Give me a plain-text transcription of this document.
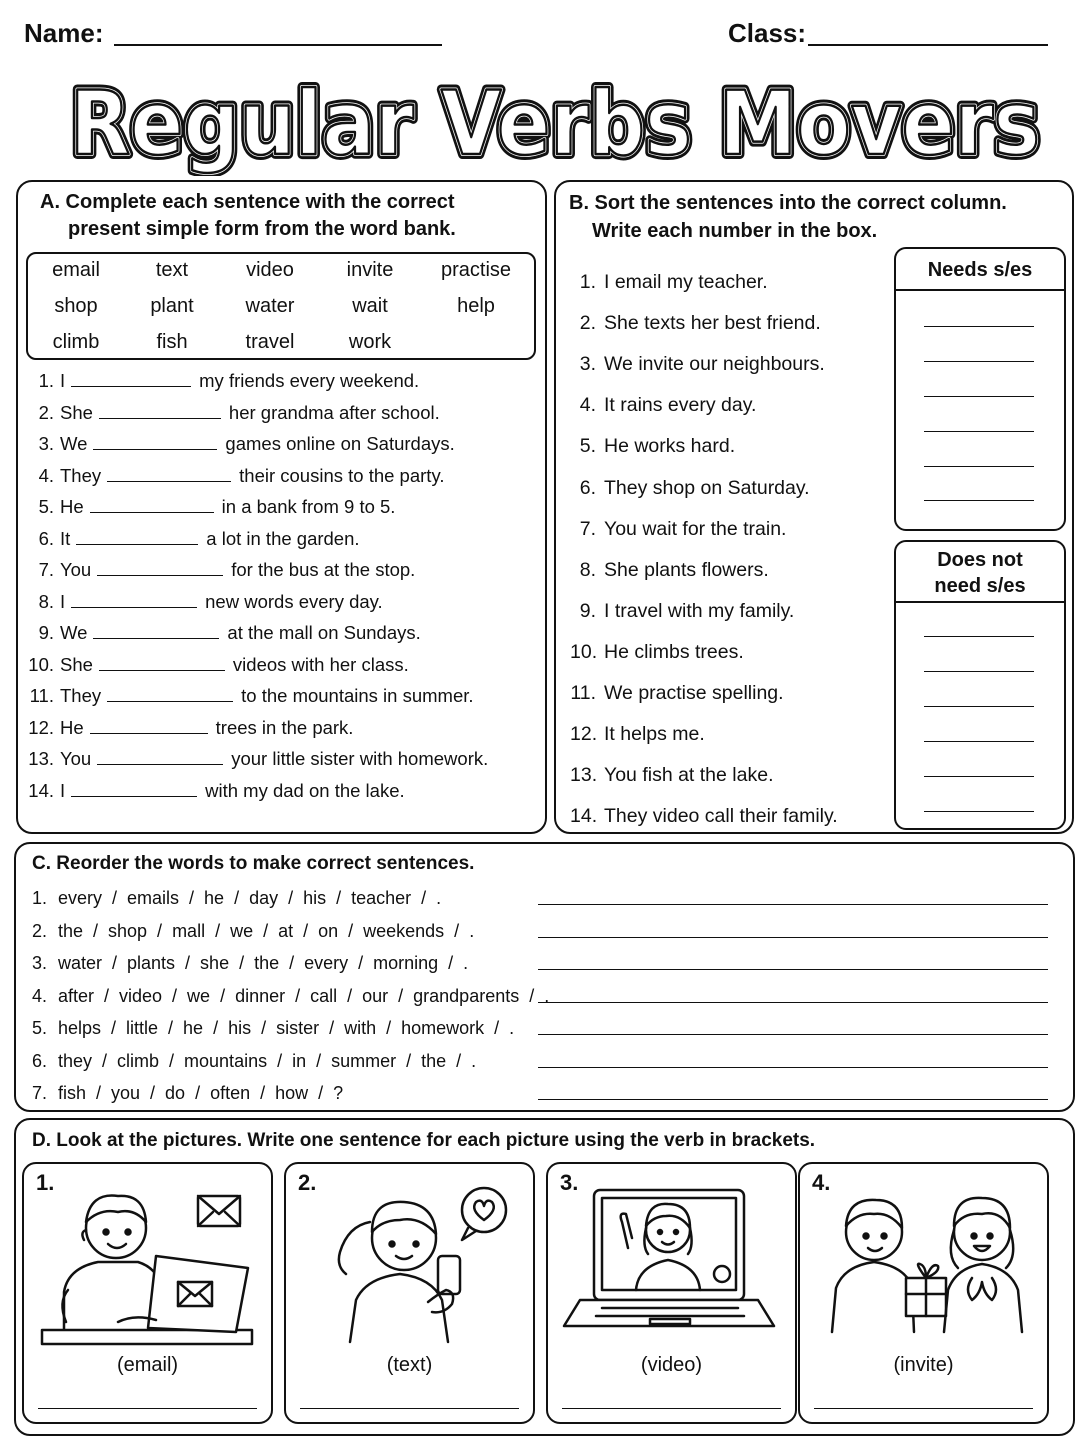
Name:	Class:
Regular Verbs Movers
Regular Verbs Movers
Regular Verbs Movers
A. Complete each sentence with the correct
present simple form from the word bank.
email	text	video	invite	practise
shop	plant	water	wait	help
climb	fish	travel	work
1. I	my friends every weekend.
2. She	her grandma after school.
3. We	games online on Saturdays.
4. They	their cousins to the party.
5. He	in a bank from 9 to 5.
6. It	a lot in the garden.
7. You	for the bus at the stop.
8. I	new words every day.
9. We	at the mall on Sundays.
10. She	videos with her class.
11. They	to the mountains in summer.
12. He	trees in the park.
13. You	your little sister with homework.
14. I	with my dad on the lake.
B. Sort the sentences into the correct column.
Write each number in the box.
1. I email my teacher.
2. She texts her best friend.
3. We invite our neighbours.
4. It rains every day.
5. He works hard.
6. They shop on Saturday.
7. You wait for the train.
8. She plants flowers.
9. I travel with my family.
10. He climbs trees.
11. We practise spelling.
12. It helps me.
13. You fish at the lake.
14. They video call their family.
Needs s/es
Does not
need s/es
C. Reorder the words to make correct sentences.
1. every  /  emails  /  he  /  day  /  his  /  teacher  /  .
2. the  /  shop  /  mall  /  we  /  at  /  on  /  weekends  /  .
3. water  /  plants  /  she  /  the  /  every  /  morning  /  .
4. after  /  video  /  we  /  dinner  /  call  /  our  /  grandparents  /  .
5. helps  /  little  /  he  /  his  /  sister  /  with  /  homework  /  .
6. they  /  climb  /  mountains  /  in  /  summer  /  the  /  .
7. fish  /  you  /  do  /  often  /  how  /  ?
D. Look at the pictures. Write one sentence for each picture using the verb in brackets.
1.
(email)
2.
(text)
3.
(video)
4.
(invite)
